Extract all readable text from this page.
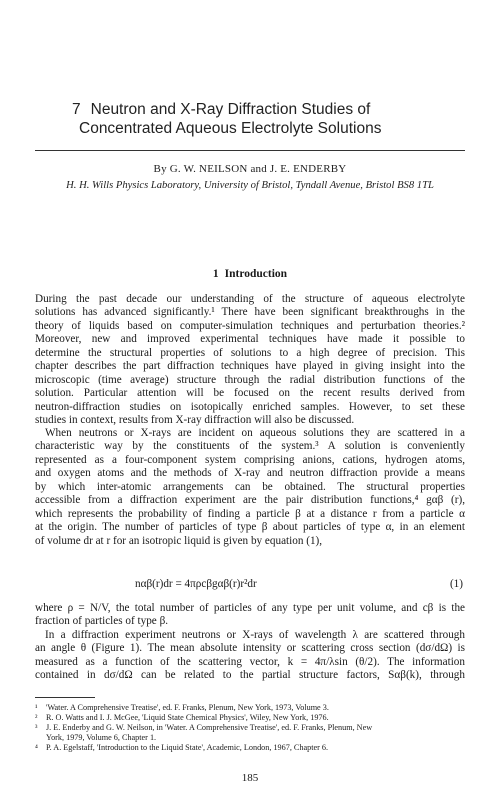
7 Neutron and X-Ray Diffraction Studies of
Concentrated Aqueous Electrolyte Solutions
By G. W. NEILSON and J. E. ENDERBY
H. H. Wills Physics Laboratory, University of Bristol, Tyndall Avenue, Bristol BS8 1TL
1 Introduction
During the past decade our understanding of the structure of aqueous electrolyte
solutions has advanced significantly.¹ There have been significant breakthroughs in the
theory of liquids based on computer-simulation techniques and perturbation theories.²
Moreover, new and improved experimental techniques have made it possible to
determine the structural properties of solutions to a high degree of precision. This
chapter describes the part diffraction techniques have played in giving insight into the
microscopic (time average) structure through the radial distribution functions of the
solution. Particular attention will be focused on the recent results derived from
neutron-diffraction studies on isotopically enriched samples. However, to set these
studies in context, results from X-ray diffraction will also be discussed.
When neutrons or X-rays are incident on aqueous solutions they are scattered in a
characteristic way by the constituents of the system.³ A solution is conveniently
represented as a four-component system comprising anions, cations, hydrogen atoms,
and oxygen atoms and the methods of X-ray and neutron diffraction provide a means
by which inter-atomic arrangements can be obtained. The structural properties
accessible from a diffraction experiment are the pair distribution functions,⁴ gαβ (r),
which represents the probability of finding a particle β at a distance r from a particle α
at the origin. The number of particles of type β about particles of type α, in an element
of volume dr at r for an isotropic liquid is given by equation (1),
nαβ(r)dr = 4πρcβgαβ(r)r²dr	(1)
where ρ = N/V, the total number of particles of any type per unit volume, and cβ is the
fraction of particles of type β.
In a diffraction experiment neutrons or X-rays of wavelength λ are scattered through
an angle θ (Figure 1). The mean absolute intensity or scattering cross section (dσ/dΩ) is
measured as a function of the scattering vector, k = 4π/λsin (θ/2). The information
contained in dσ/dΩ can be related to the partial structure factors, Sαβ(k), through
¹	'Water. A Comprehensive Treatise', ed. F. Franks, Plenum, New York, 1973, Volume 3.
²	R. O. Watts and I. J. McGee, 'Liquid State Chemical Physics', Wiley, New York, 1976.
³	J. E. Enderby and G. W. Neilson, in 'Water. A Comprehensive Treatise', ed. F. Franks, Plenum, New
York, 1979, Volume 6, Chapter 1.
⁴ P. A. Egelstaff, 'Introduction to the Liquid State', Academic, London, 1967, Chapter 6.
185
